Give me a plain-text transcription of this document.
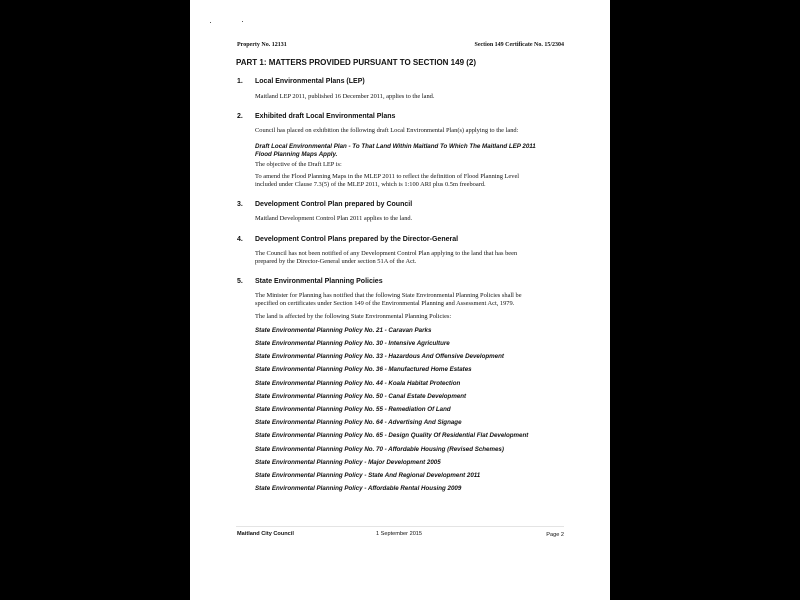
Property No. 12131	Section 149 Certificate No. 15/2304
PART 1: MATTERS PROVIDED PURSUANT TO SECTION 149 (2)
1. Local Environmental Plans (LEP)
Maitland LEP 2011, published 16 December 2011, applies to the land.
2. Exhibited draft Local Environmental Plans
Council has placed on exhibition the following draft Local Environmental Plan(s) applying to the land:
Draft Local Environmental Plan - To That Land Within Maitland To Which The Maitland LEP 2011
Flood Planning Maps Apply.
The objective of the Draft LEP is:
To amend the Flood Planning Maps in the MLEP 2011 to reflect the definition of Flood Planning Level
included under Clause 7.3(5) of the MLEP 2011, which is 1:100 ARI plus 0.5m freeboard.
3. Development Control Plan prepared by Council
Maitland Development Control Plan 2011 applies to the land.
4. Development Control Plans prepared by the Director-General
The Council has not been notified of any Development Control Plan applying to the land that has been
prepared by the Director-General under section 51A of the Act.
5. State Environmental Planning Policies
The Minister for Planning has notified that the following State Environmental Planning Policies shall be
specified on certificates under Section 149 of the Environmental Planning and Assessment Act, 1979.
The land is affected by the following State Environmental Planning Policies:
State Environmental Planning Policy No. 21 - Caravan Parks
State Environmental Planning Policy No. 30 - Intensive Agriculture
State Environmental Planning Policy No. 33 - Hazardous And Offensive Development
State Environmental Planning Policy No. 36 - Manufactured Home Estates
State Environmental Planning Policy No. 44 - Koala Habitat Protection
State Environmental Planning Policy No. 50 - Canal Estate Development
State Environmental Planning Policy No. 55 - Remediation Of Land
State Environmental Planning Policy No. 64 - Advertising And Signage
State Environmental Planning Policy No. 65 - Design Quality Of Residential Flat Development
State Environmental Planning Policy No. 70 - Affordable Housing (Revised Schemes)
State Environmental Planning Policy - Major Development 2005
State Environmental Planning Policy - State And Regional Development 2011
State Environmental Planning Policy - Affordable Rental Housing 2009
Maitland City Council	1 September 2015	Page 2
